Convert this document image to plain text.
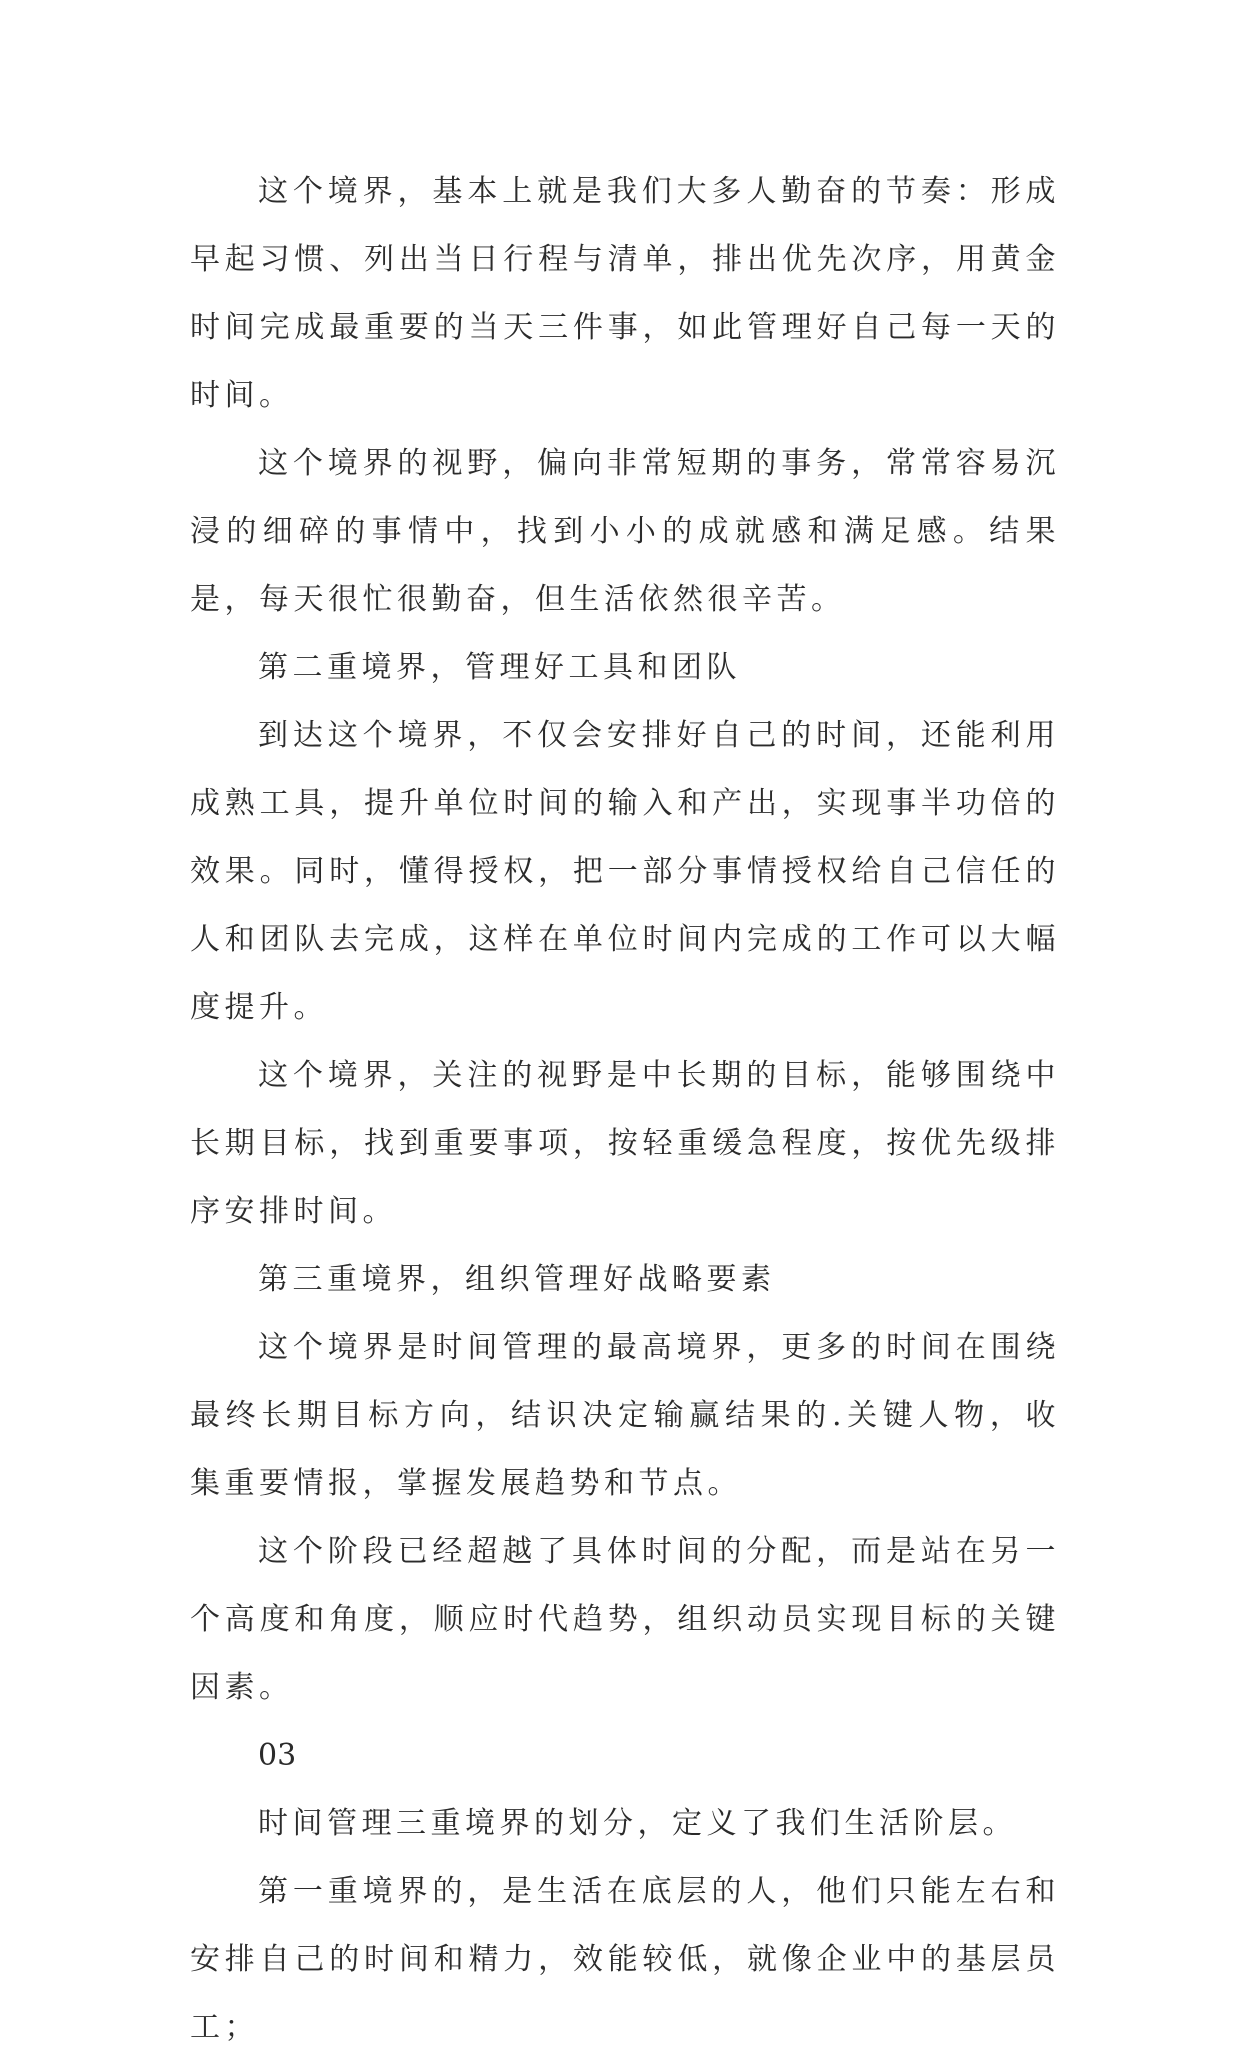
这个境界，基本上就是我们大多人勤奋的节奏：形成早起习惯、列出当日行程与清单，排出优先次序，用黄金时间完成最重要的当天三件事，如此管理好自己每一天的时间。

这个境界的视野，偏向非常短期的事务，常常容易沉浸的细碎的事情中，找到小小的成就感和满足感。结果是，每天很忙很勤奋，但生活依然很辛苦。

第二重境界，管理好工具和团队

到达这个境界，不仅会安排好自己的时间，还能利用成熟工具，提升单位时间的输入和产出，实现事半功倍的效果。同时，懂得授权，把一部分事情授权给自己信任的人和团队去完成，这样在单位时间内完成的工作可以大幅度提升。

这个境界，关注的视野是中长期的目标，能够围绕中长期目标，找到重要事项，按轻重缓急程度，按优先级排序安排时间。

第三重境界，组织管理好战略要素

这个境界是时间管理的最高境界，更多的时间在围绕最终长期目标方向，结识决定输赢结果的.关键人物，收集重要情报，掌握发展趋势和节点。

这个阶段已经超越了具体时间的分配，而是站在另一个高度和角度，顺应时代趋势，组织动员实现目标的关键因素。

03

时间管理三重境界的划分，定义了我们生活阶层。

第一重境界的，是生活在底层的人，他们只能左右和安排自己的时间和精力，效能较低，就像企业中的基层员工；
